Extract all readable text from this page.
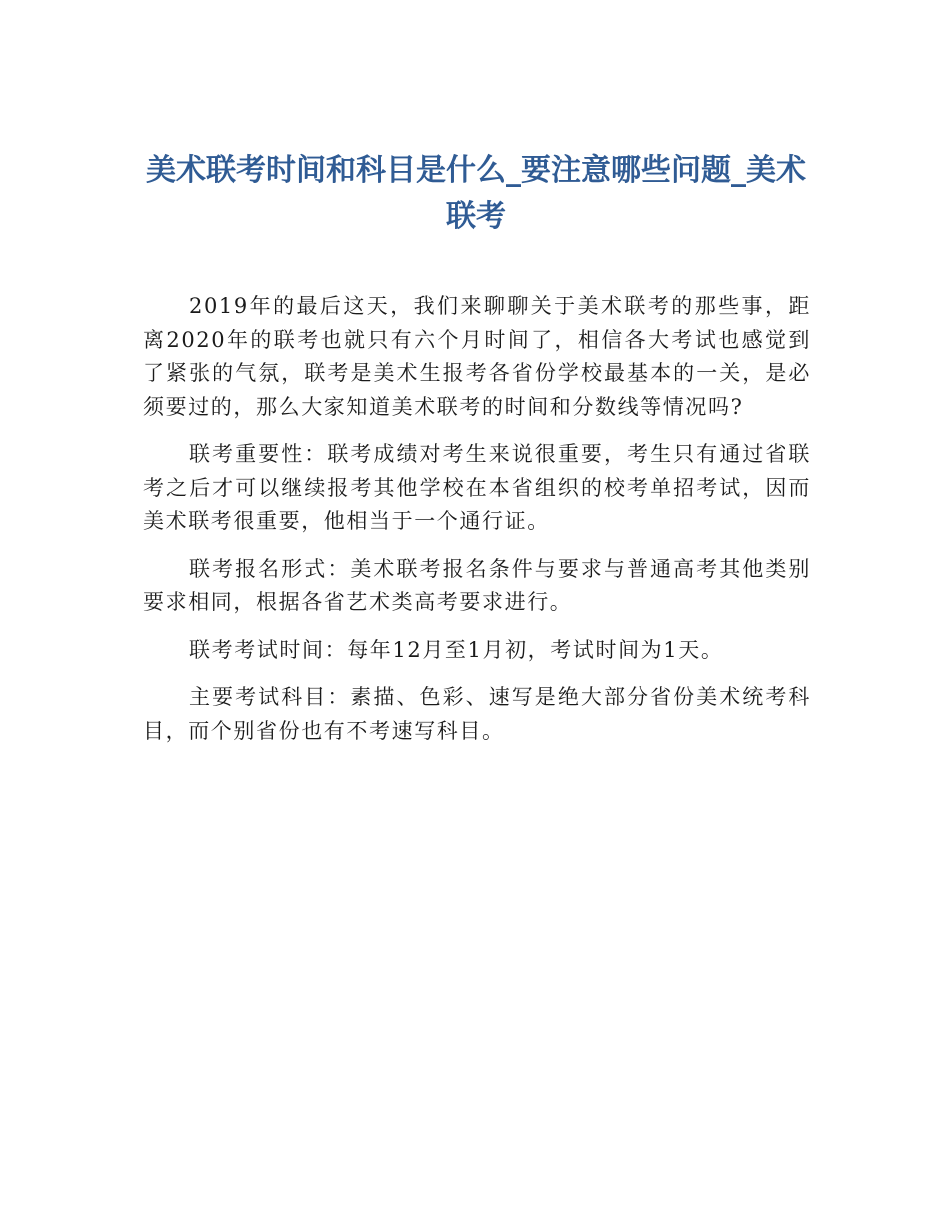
美术联考时间和科目是什么_要注意哪些问题_美术联考

2019年的最后这天，我们来聊聊关于美术联考的那些事，距离2020年的联考也就只有六个月时间了，相信各大考试也感觉到了紧张的气氛，联考是美术生报考各省份学校最基本的一关，是必须要过的，那么大家知道美术联考的时间和分数线等情况吗?

联考重要性：联考成绩对考生来说很重要，考生只有通过省联考之后才可以继续报考其他学校在本省组织的校考单招考试，因而美术联考很重要，他相当于一个通行证。

联考报名形式：美术联考报名条件与要求与普通高考其他类别要求相同，根据各省艺术类高考要求进行。

联考考试时间：每年12月至1月初，考试时间为1天。

主要考试科目：素描、色彩、速写是绝大部分省份美术统考科目，而个别省份也有不考速写科目。
